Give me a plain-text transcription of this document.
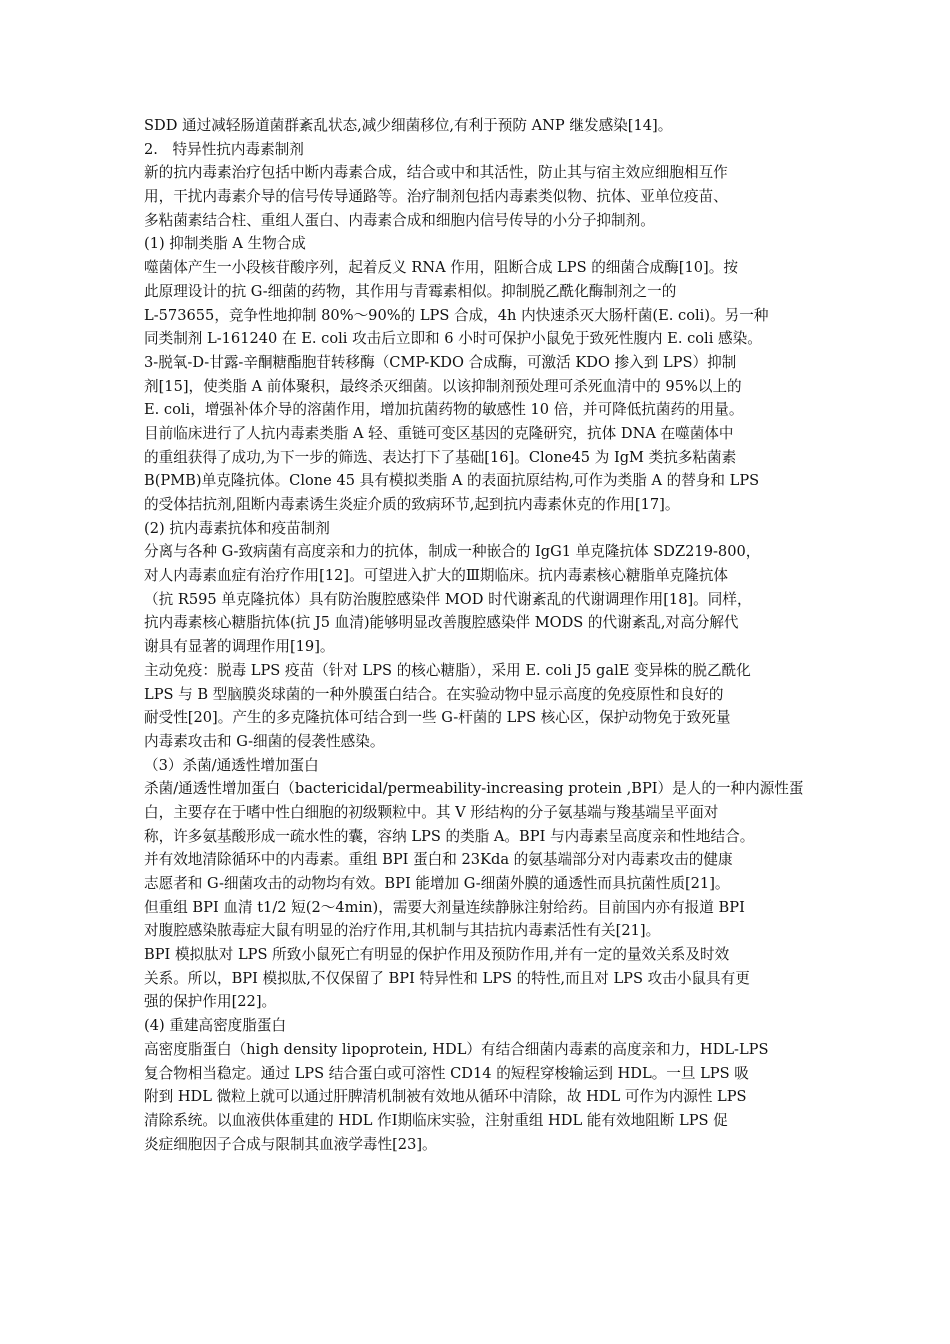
SDD 通过减轻肠道菌群紊乱状态,减少细菌移位,有利于预防 ANP 继发感染[14]。
2.　特异性抗内毒素制剂
新的抗内毒素治疗包括中断内毒素合成，结合或中和其活性，防止其与宿主效应细胞相互作
用，干扰内毒素介导的信号传导通路等。治疗制剂包括内毒素类似物、抗体、亚单位疫苗、
多粘菌素结合柱、重组人蛋白、内毒素合成和细胞内信号传导的小分子抑制剂。
(1) 抑制类脂 A 生物合成
噬菌体产生一小段核苷酸序列，起着反义 RNA 作用，阻断合成 LPS 的细菌合成酶[10]。按
此原理设计的抗 G-细菌的药物，其作用与青霉素相似。抑制脱乙酰化酶制剂之一的
L-573655，竞争性地抑制 80%～90%的 LPS 合成，4h 内快速杀灭大肠杆菌(E. coli)。另一种
同类制剂 L-161240 在 E. coli 攻击后立即和 6 小时可保护小鼠免于致死性腹内 E. coli 感染。
3-脱氧-D-甘露-辛酮糖酯胞苷转移酶（CMP-KDO 合成酶，可激活 KDO 掺入到 LPS）抑制
剂[15]，使类脂 A 前体聚积，最终杀灭细菌。以该抑制剂预处理可杀死血清中的 95%以上的
E. coli，增强补体介导的溶菌作用，增加抗菌药物的敏感性 10 倍，并可降低抗菌药的用量。
目前临床进行了人抗内毒素类脂 A 轻、重链可变区基因的克隆研究，抗体 DNA 在噬菌体中
的重组获得了成功,为下一步的筛选、表达打下了基础[16]。Clone45 为 IgM 类抗多粘菌素
B(PMB)单克隆抗体。Clone 45 具有模拟类脂 A 的表面抗原结构,可作为类脂 A 的替身和 LPS
的受体拮抗剂,阻断内毒素诱生炎症介质的致病环节,起到抗内毒素休克的作用[17]。
(2) 抗内毒素抗体和疫苗制剂
分离与各种 G-致病菌有高度亲和力的抗体，制成一种嵌合的 IgG1 单克隆抗体 SDZ219-800，
对人内毒素血症有治疗作用[12]。可望进入扩大的Ⅲ期临床。抗内毒素核心糖脂单克隆抗体
（抗 R595 单克隆抗体）具有防治腹腔感染伴 MOD 时代谢紊乱的代谢调理作用[18]。同样，
抗内毒素核心糖脂抗体(抗 J5 血清)能够明显改善腹腔感染伴 MODS 的代谢紊乱,对高分解代
谢具有显著的调理作用[19]。
主动免疫：脱毒 LPS 疫苗（针对 LPS 的核心糖脂），采用 E. coli J5 galE 变异株的脱乙酰化
LPS 与 B 型脑膜炎球菌的一种外膜蛋白结合。在实验动物中显示高度的免疫原性和良好的
耐受性[20]。产生的多克隆抗体可结合到一些 G-杆菌的 LPS 核心区，保护动物免于致死量
内毒素攻击和 G-细菌的侵袭性感染。
（3）杀菌/通透性增加蛋白
杀菌/通透性增加蛋白（bactericidal/permeability-increasing protein ,BPI）是人的一种内源性蛋
白，主要存在于嗜中性白细胞的初级颗粒中。其 V 形结构的分子氨基端与羧基端呈平面对
称，许多氨基酸形成一疏水性的囊，容纳 LPS 的类脂 A。BPI 与内毒素呈高度亲和性地结合。
并有效地清除循环中的内毒素。重组 BPI 蛋白和 23Kda 的氨基端部分对内毒素攻击的健康
志愿者和 G-细菌攻击的动物均有效。BPI 能增加 G-细菌外膜的通透性而具抗菌性质[21]。
但重组 BPI 血清 t1/2 短(2～4min)，需要大剂量连续静脉注射给药。目前国内亦有报道 BPI
对腹腔感染脓毒症大鼠有明显的治疗作用,其机制与其拮抗内毒素活性有关[21]。
BPI 模拟肽对 LPS 所致小鼠死亡有明显的保护作用及预防作用,并有一定的量效关系及时效
关系。所以，BPI 模拟肽,不仅保留了 BPI 特异性和 LPS 的特性,而且对 LPS 攻击小鼠具有更
强的保护作用[22]。
(4) 重建高密度脂蛋白
高密度脂蛋白（high density lipoprotein, HDL）有结合细菌内毒素的高度亲和力，HDL-LPS
复合物相当稳定。通过 LPS 结合蛋白或可溶性 CD14 的短程穿梭输运到 HDL。一旦 LPS 吸
附到 HDL 微粒上就可以通过肝脾清机制被有效地从循环中清除，故 HDL 可作为内源性 LPS
清除系统。以血液供体重建的 HDL 作Ⅰ期临床实验，注射重组 HDL 能有效地阻断 LPS 促
炎症细胞因子合成与限制其血液学毒性[23]。
